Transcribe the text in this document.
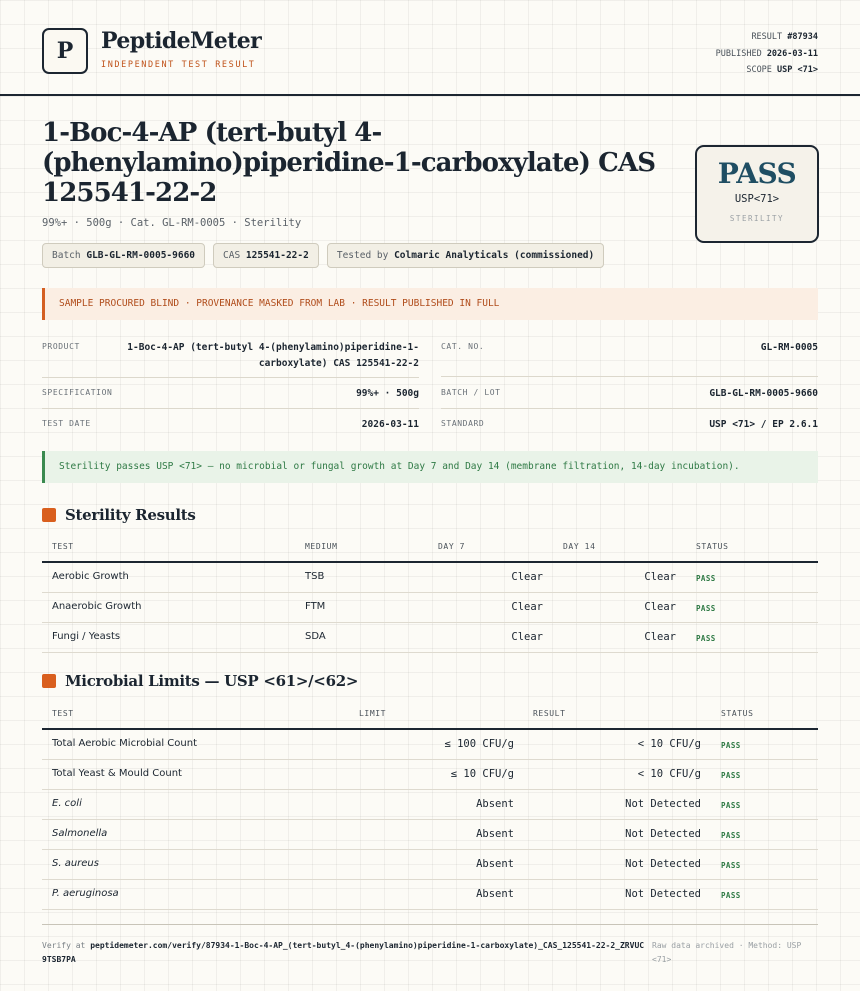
P	PeptideMeter
INDEPENDENT TEST RESULT
RESULT #87934
PUBLISHED 2026-03-11
SCOPE USP <71>
1-Boc-4-AP (tert-butyl 4-(phenylamino)piperidine-1-carboxylate) CAS 125541-22-2
99%+ · 500g · Cat. GL-RM-0005 · Sterility
Batch GLB-GL-RM-0005-9660	CAS 125541-22-2	Tested by Colmaric Analyticals (commissioned)
PASS
USP<71>
STERILITY
SAMPLE PROCURED BLIND · PROVENANCE MASKED FROM LAB · RESULT PUBLISHED IN FULL
PRODUCT	1-Boc-4-AP (tert-butyl 4-(phenylamino)piperidine-1-carboxylate) CAS 125541-22-2
SPECIFICATION	99%+ · 500g
TEST DATE	2026-03-11
CAT. NO.	GL-RM-0005
BATCH / LOT	GLB-GL-RM-0005-9660
STANDARD	USP <71> / EP 2.6.1
Sterility passes USP <71> — no microbial or fungal growth at Day 7 and Day 14 (membrane filtration, 14-day incubation).
Sterility Results
TEST	MEDIUM	DAY 7	DAY 14	STATUS
Aerobic Growth	TSB	Clear	Clear	PASS
Anaerobic Growth	FTM	Clear	Clear	PASS
Fungi / Yeasts	SDA	Clear	Clear	PASS
Microbial Limits — USP <61>/<62>
TEST	LIMIT	RESULT	STATUS
Total Aerobic Microbial Count	≤ 100 CFU/g	< 10 CFU/g	PASS
Total Yeast & Mould Count	≤ 10 CFU/g	< 10 CFU/g	PASS
E. coli	Absent	Not Detected	PASS
Salmonella	Absent	Not Detected	PASS
S. aureus	Absent	Not Detected	PASS
P. aeruginosa	Absent	Not Detected	PASS
Verify at peptidemeter.com/verify/87934-1-Boc-4-AP_(tert-butyl_4-(phenylamino)piperidine-1-carboxylate)_CAS_125541-22-2_ZRVUC9TSB7PA
Raw data archived · Method: USP <71>
